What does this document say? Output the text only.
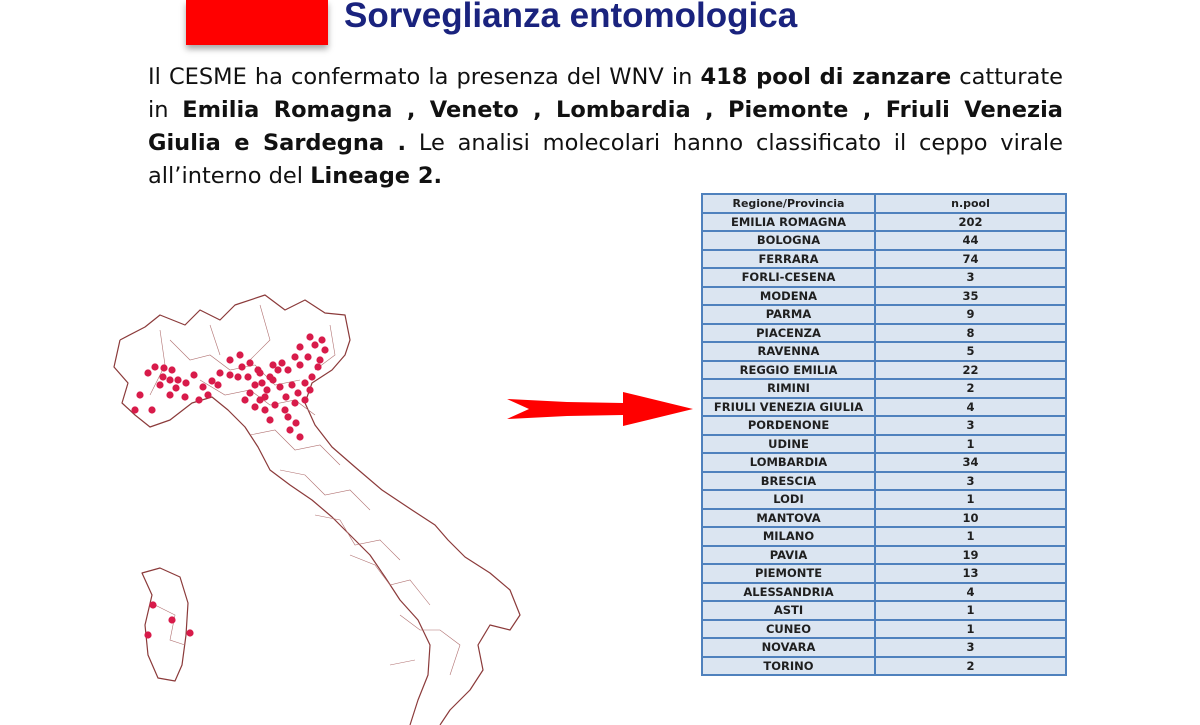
Sorveglianza entomologica
Il CESME ha confermato la presenza del WNV in 418 pool di zanzare catturate in Emilia Romagna , Veneto , Lombardia , Piemonte , Friuli Venezia Giulia e Sardegna . Le analisi molecolari hanno classificato il ceppo virale all’interno del Lineage 2.
Regione/Provincia	n.pool
EMILIA ROMAGNA	202
BOLOGNA	44
FERRARA	74
FORLI-CESENA	3
MODENA	35
PARMA	9
PIACENZA	8
RAVENNA	5
REGGIO EMILIA	22
RIMINI	2
FRIULI VENEZIA GIULIA	4
PORDENONE	3
UDINE	1
LOMBARDIA	34
BRESCIA	3
LODI	1
MANTOVA	10
MILANO	1
PAVIA	19
PIEMONTE	13
ALESSANDRIA	4
ASTI	1
CUNEO	1
NOVARA	3
TORINO	2
